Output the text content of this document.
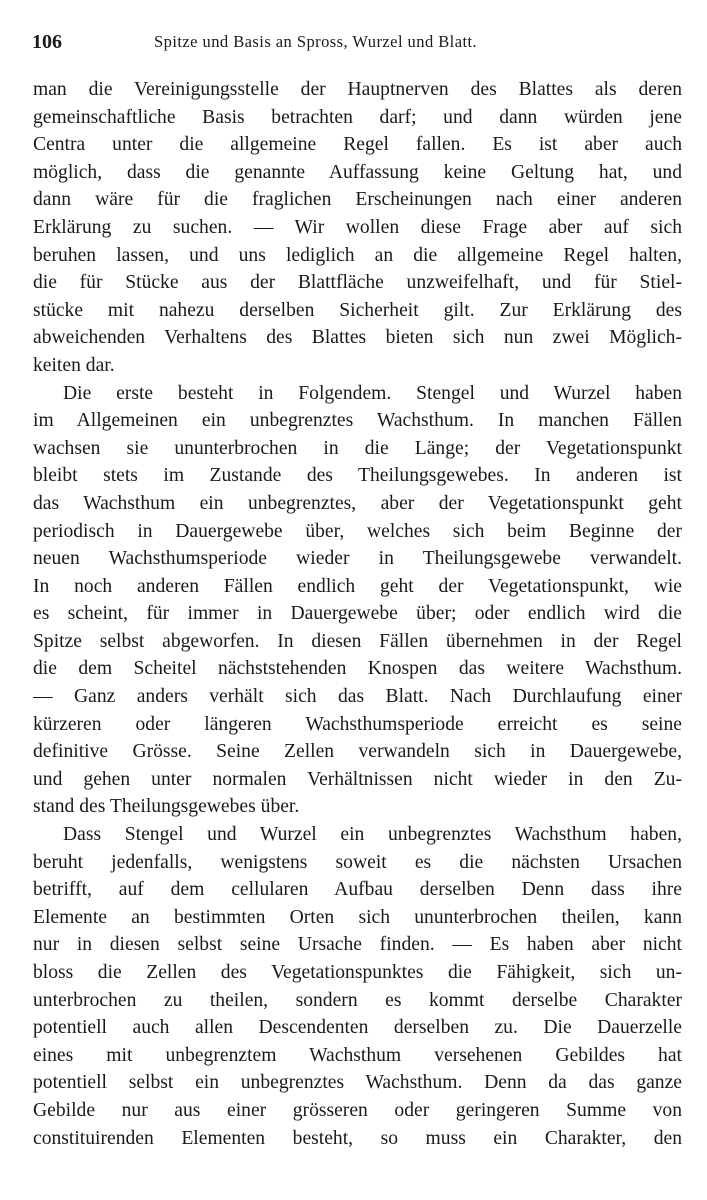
106	Spitze und Basis an Spross, Wurzel und Blatt.
man die Vereinigungsstelle der Hauptnerven des Blattes als deren
gemeinschaftliche Basis betrachten darf; und dann würden jene
Centra unter die allgemeine Regel fallen. Es ist aber auch
möglich, dass die genannte Auffassung keine Geltung hat, und
dann wäre für die fraglichen Erscheinungen nach einer anderen
Erklärung zu suchen. — Wir wollen diese Frage aber auf sich
beruhen lassen, und uns lediglich an die allgemeine Regel halten,
die für Stücke aus der Blattfläche unzweifelhaft, und für Stiel-
stücke mit nahezu derselben Sicherheit gilt. Zur Erklärung des
abweichenden Verhaltens des Blattes bieten sich nun zwei Möglich-
keiten dar.
Die erste besteht in Folgendem. Stengel und Wurzel haben
im Allgemeinen ein unbegrenztes Wachsthum. In manchen Fällen
wachsen sie ununterbrochen in die Länge; der Vegetationspunkt
bleibt stets im Zustande des Theilungsgewebes. In anderen ist
das Wachsthum ein unbegrenztes, aber der Vegetationspunkt geht
periodisch in Dauergewebe über, welches sich beim Beginne der
neuen Wachsthumsperiode wieder in Theilungsgewebe verwandelt.
In noch anderen Fällen endlich geht der Vegetationspunkt, wie
es scheint, für immer in Dauergewebe über; oder endlich wird die
Spitze selbst abgeworfen. In diesen Fällen übernehmen in der Regel
die dem Scheitel nächststehenden Knospen das weitere Wachsthum.
— Ganz anders verhält sich das Blatt. Nach Durchlaufung einer
kürzeren oder längeren Wachsthumsperiode erreicht es seine
definitive Grösse. Seine Zellen verwandeln sich in Dauergewebe,
und gehen unter normalen Verhältnissen nicht wieder in den Zu-
stand des Theilungsgewebes über.
Dass Stengel und Wurzel ein unbegrenztes Wachsthum haben,
beruht jedenfalls, wenigstens soweit es die nächsten Ursachen
betrifft, auf dem cellularen Aufbau derselben Denn dass ihre
Elemente an bestimmten Orten sich ununterbrochen theilen, kann
nur in diesen selbst seine Ursache finden. — Es haben aber nicht
bloss die Zellen des Vegetationspunktes die Fähigkeit, sich un-
unterbrochen zu theilen, sondern es kommt derselbe Charakter
potentiell auch allen Descendenten derselben zu. Die Dauerzelle
eines mit unbegrenztem Wachsthum versehenen Gebildes hat
potentiell selbst ein unbegrenztes Wachsthum. Denn da das ganze
Gebilde nur aus einer grösseren oder geringeren Summe von
constituirenden Elementen besteht, so muss ein Charakter, den
